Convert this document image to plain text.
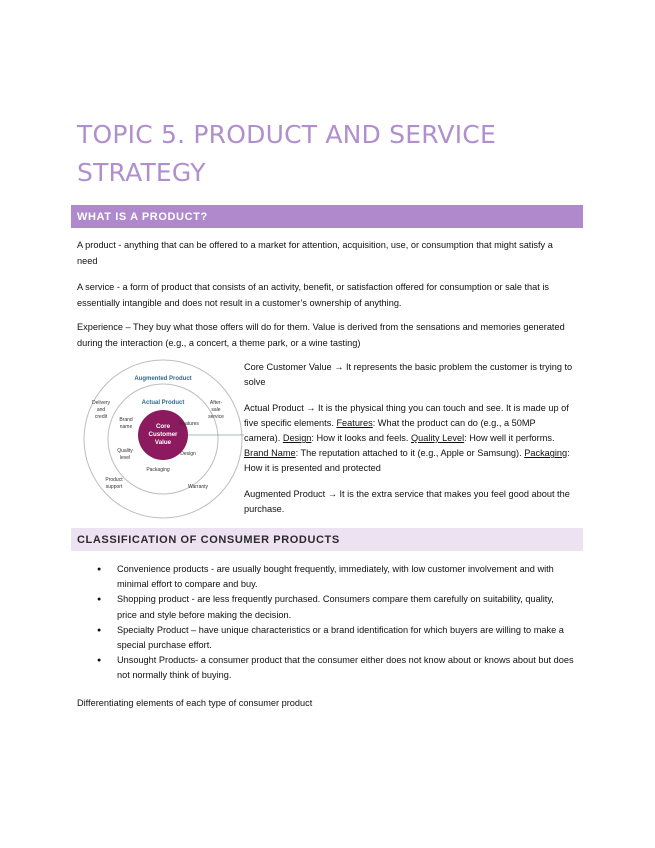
TOPIC 5. PRODUCT AND SERVICE STRATEGY
WHAT IS A PRODUCT?

A product - anything that can be offered to a market for attention, acquisition, use, or consumption that might satisfy a need

A service - a form of product that consists of an activity, benefit, or satisfaction offered for consumption or sale that is essentially intangible and does not result in a customer’s ownership of anything.

Experience – They buy what those offers will do for them. Value is derived from the sensations and memories generated during the interaction (e.g., a concert, a theme park, or a wine tasting)

Augmented Product
Actual Product
Core
Customer
Value
Delivery
and
credit
After-
sale
service
Brand
name	Features
Quality
level
Design
Packaging
Product
support	Warranty

Core Customer Value → It represents the basic problem the customer is trying to solve

Actual Product → It is the physical thing you can touch and see. It is made up of five specific elements. Features: What the product can do (e.g., a 50MP camera). Design: How it looks and feels. Quality Level: How well it performs. Brand Name: The reputation attached to it (e.g., Apple or Samsung). Packaging: How it is presented and protected

Augmented Product → It is the extra service that makes you feel good about the purchase.

CLASSIFICATION OF CONSUMER PRODUCTS
● Convenience products - are usually bought frequently, immediately, with low customer involvement and with minimal effort to compare and buy.
● Shopping product - are less frequently purchased. Consumers compare them carefully on suitability, quality, price and style before making the decision.
● Specialty Product – have unique characteristics or a brand identification for which buyers are willing to make a special purchase effort.
● Unsought Products- a consumer product that the consumer either does not know about or knows about but does not normally think of buying.

Differentiating elements of each type of consumer product
